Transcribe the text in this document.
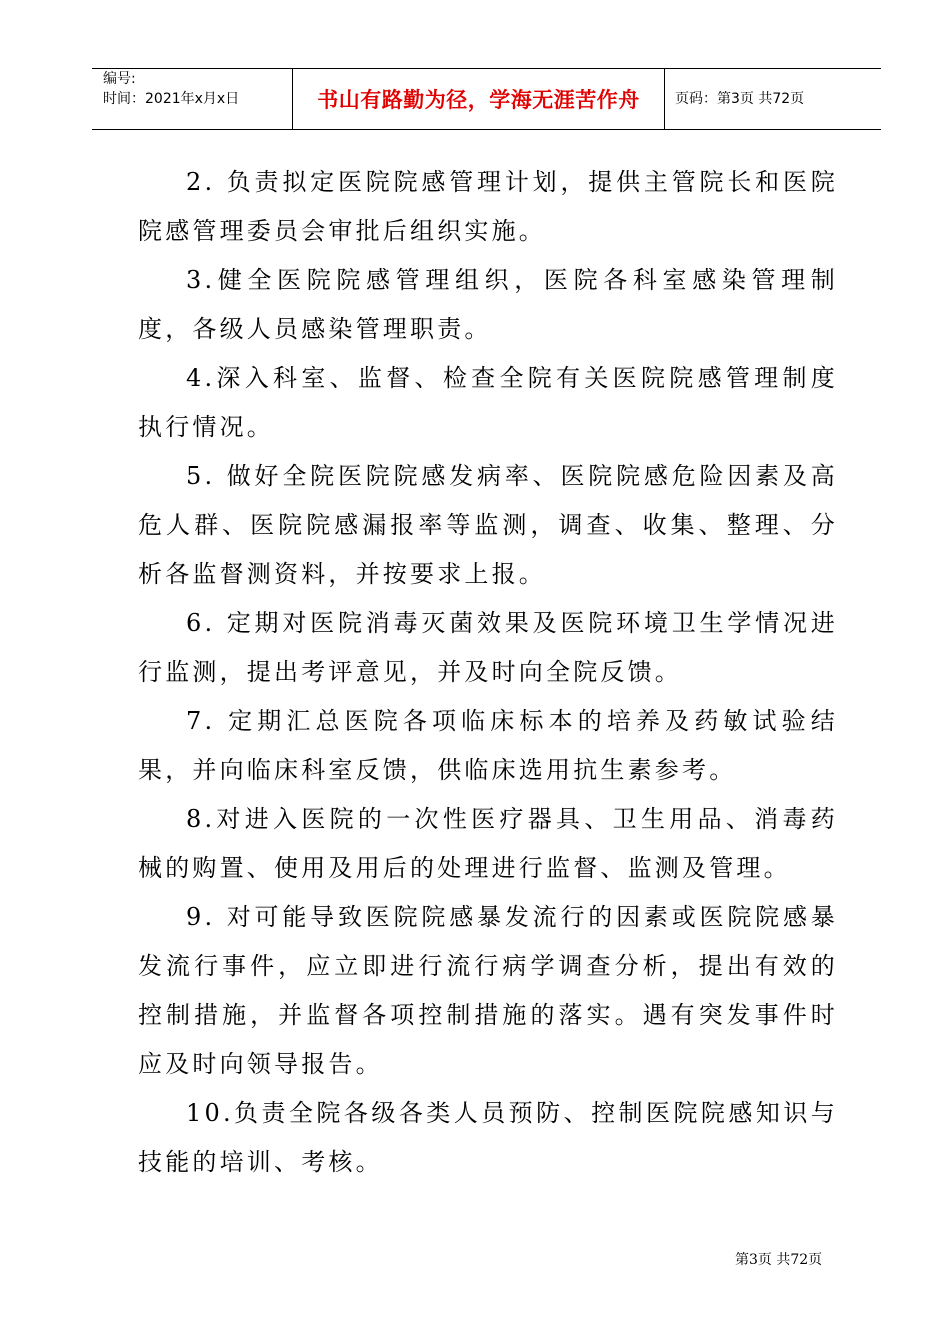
编号:
时间：2021年x月x日	书山有路勤为径，学海无涯苦作舟	页码：第3页 共72页

2. 负责拟定医院院感管理计划，提供主管院长和医院院感管理委员会审批后组织实施。

3.健全医院院感管理组织，医院各科室感染管理制度，各级人员感染管理职责。

4.深入科室、监督、检查全院有关医院院感管理制度执行情况。

5. 做好全院医院院感发病率、医院院感危险因素及高危人群、医院院感漏报率等监测，调查、收集、整理、分析各监督测资料，并按要求上报。

6. 定期对医院消毒灭菌效果及医院环境卫生学情况进行监测，提出考评意见，并及时向全院反馈。

7. 定期汇总医院各项临床标本的培养及药敏试验结果，并向临床科室反馈，供临床选用抗生素参考。

8.对进入医院的一次性医疗器具、卫生用品、消毒药械的购置、使用及用后的处理进行监督、监测及管理。

9. 对可能导致医院院感暴发流行的因素或医院院感暴发流行事件，应立即进行流行病学调查分析，提出有效的控制措施，并监督各项控制措施的落实。遇有突发事件时应及时向领导报告。

10.负责全院各级各类人员预防、控制医院院感知识与技能的培训、考核。

第3页 共72页
